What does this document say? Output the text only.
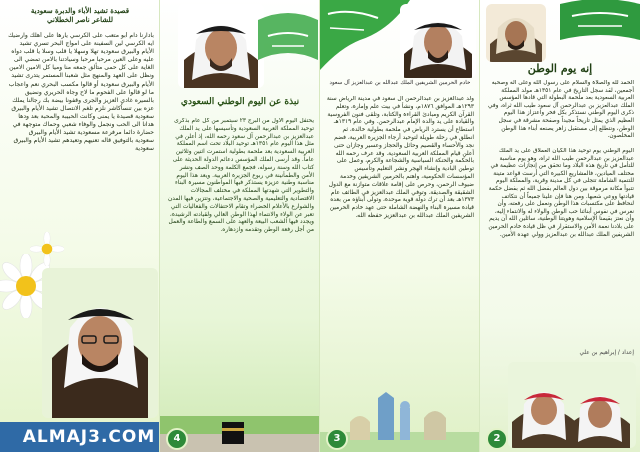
قصيدة تشيد الأباء والدبرة سعودية
للشاعر ناصر الخطلاني
بادارنا دام أبو متعب على الكرسي يارها على أهلك وارضيك ايه الكرسي لين السفينة على امواج البحر تسري تشيد الأيام والبيرق سعودية تهلا وسهلا يا قلب وسلا يا قلب دواه عليه وعلى العين مرحبا مرحبا وسيادتنا بالامن تمضي الى الغاية على كل حمى متألق جمعه منا وميا كل الامين الامين ونظل على العهد والمنهج مثل شعبنا المستمر يتدرى تشيد الأيام والبيرق سعودية أو قالوا مكسب البحري نعم واعجاب ما لو قالوا على الفحوم ما لاح وجاه الحريري ونضيق بالسيره غادي العزيز والجرى وقفونا بيضة بك رجالنا يملك عزه بين تنسأكاشر نلزم تلغم الانتصال تشيد الأيام والبيرق سعودية قصيدة يا يمنى وكانت الحبيبة والمحبة بعد ودها هدانا الى الحب ونجمل والوفاء شعبي وحماك متوجهة في حضارة دائما مرفرعة مسعودية تشيد الأيام والبيرق سعودية بالتوفيق قاله تعنيهم وتعيدهم تشيد الأيام والبيرق سعودية
ALMAJ3.COM
نبذة عن اليوم الوطني السعودي
يحتفل اليوم الأول من البرج ٢٣ سبتمبر من كل عام بذكرى توحيد المملكة العربية السعودية وتأسيسها على يد الملك عبدالعزيز بن عبدالرحمن آل سعود رحمه الله، إذ أعلن في مثل هذا اليوم عام ١٣٥١هـ توحيد البلاد تحت اسم المملكة العربية السعودية بعد ملحمة بطولية استمرت اثنين وثلاثين عاماً. وقد أرسى الملك المؤسس دعائم الدولة الحديثة على كتاب الله وسنة رسوله، فجمع الكلمة ووحد الصف ونشر الأمن والطمأنينة في ربوع الجزيرة العربية. ويعد هذا اليوم مناسبة وطنية عزيزة يستذكر فيها المواطنون مسيرة البناء والتطوير التي شهدتها المملكة في مختلف المجالات الاقتصادية والتعليمية والصحية والاجتماعية، وتتزين فيها المدن والشوارع بالأعلام الخضراء وتقام الاحتفالات والفعاليات التي تعبر عن الولاء والانتماء لهذا الوطن الغالي ولقيادته الرشيدة، ويجدد فيها الشعب البيعة والعهد على السمع والطاعة والعمل من أجل رفعة الوطن وتقدمه وازدهاره.
4
خادم الحرمين الشريفين الملك عبدالله بن عبدالعزيز آل سعود
ولد عبدالعزيز بن عبدالرحمن آل سعود في مدينة الرياض سنة ١٢٩٣هـ الموافق ١٨٧٦م، ونشأ في بيت علم وإمارة، وتعلم القرآن الكريم ومبادئ القراءة والكتابة، وتلقى فنون الفروسية والقيادة على يد والده الإمام عبدالرحمن. وفي عام ١٣١٩هـ استطاع أن يسترد الرياض في ملحمة بطولية خالدة، ثم انطلق في رحلة طويلة لتوحيد أرجاء الجزيرة العربية، فضم نجد والأحساء والقصيم وحائل والحجاز وعسير وجازان حتى أعلن قيام المملكة العربية السعودية. وقد عرف رحمه الله بالحكمة والحنكة السياسية والشجاعة والكرم، وعمل على توطين البادية وإنشاء الهجر ونشر التعليم وتأسيس المؤسسات الحكومية، واهتم بالحرمين الشريفين وخدمة ضيوف الرحمن، وحرص على إقامة علاقات متوازنة مع الدول الشقيقة والصديقة. وتوفي الملك عبدالعزيز في الطائف عام ١٣٧٣هـ بعد أن ترك دولة قوية موحدة، وتولى أبناؤه من بعده قيادة مسيرة البناء والنهضة الشاملة حتى عهد خادم الحرمين الشريفين الملك عبدالله بن عبدالعزيز حفظه الله.
3
إنه يوم الوطن
الحمد لله والصلاة والسلام على رسول الله وعلى آله وصحبه أجمعين، لقد سجل التاريخ في عام ١٣٥١هـ مولد المملكة العربية السعودية بعد ملحمة البطولة التي قادها المؤسس الملك عبدالعزيز بن عبدالرحمن آل سعود طيب الله ثراه، وفي ذكرى اليوم الوطني نستذكر بكل فخر واعتزاز هذا اليوم العظيم الذي يمثل تاريخاً مجيداً وصفحة مشرقة في سجل الوطن، ونتطلع إلى مستقبل زاهر يصنعه أبناء هذا الوطن المخلصون.
اليوم الوطني يوم توحيد هذا الكيان العملاق على يد الملك عبدالعزيز بن عبدالرحمن طيب الله ثراه، وهو يوم مناسبة للتأمل في تاريخ هذه البلاد وما تحقق من إنجازات عظيمة في مختلف الميادين، فالمشاريع الكبيرة التي أرست قواعد متينة للتنمية الشاملة تتجلى في كل مدينة وقرية، والمملكة اليوم تتبوأ مكانة مرموقة بين دول العالم بفضل الله ثم بفضل حكمة قيادتها ووعي شعبها. ومن هنا فإن علينا جميعاً أن نتكاتف لنحافظ على مكتسبات هذا الوطن ونعمل على رفعته، وأن نغرس في نفوس أبنائنا حب الوطن والولاء له والانتماء إليه، وأن نعتز بقيمنا الإسلامية وهويتنا الوطنية، سائلين الله أن يديم على بلادنا نعمة الأمن والاستقرار في ظل قيادة خادم الحرمين الشريفين الملك عبدالله بن عبدالعزيز وولي عهده الأمين.
إعداد / إبراهيم بن علي
2
